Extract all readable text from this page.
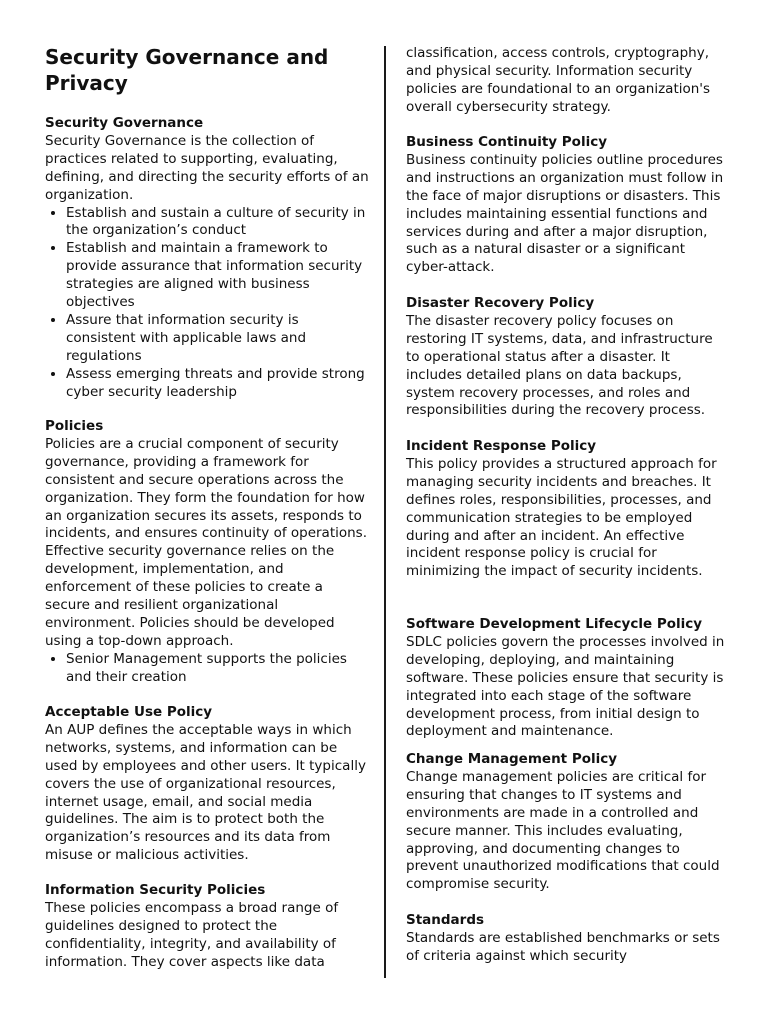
Security Governance and Privacy
Security Governance

Security Governance is the collection of practices related to supporting, evaluating, defining, and directing the security efforts of an organization.

• Establish and sustain a culture of security in the organization’s conduct
• Establish and maintain a framework to provide assurance that information security strategies are aligned with business objectives
• Assure that information security is consistent with applicable laws and regulations
• Assess emerging threats and provide strong cyber security leadership
Policies

Policies are a crucial component of security governance, providing a framework for consistent and secure operations across the organization. They form the foundation for how an organization secures its assets, responds to incidents, and ensures continuity of operations. Effective security governance relies on the development, implementation, and enforcement of these policies to create a secure and resilient organizational environment. Policies should be developed using a top-down approach.

• Senior Management supports the policies and their creation
Acceptable Use Policy

An AUP defines the acceptable ways in which networks, systems, and information can be used by employees and other users. It typically covers the use of organizational resources, internet usage, email, and social media guidelines. The aim is to protect both the organization’s resources and its data from misuse or malicious activities.

Information Security Policies

These policies encompass a broad range of guidelines designed to protect the confidentiality, integrity, and availability of information. They cover aspects like data

classification, access controls, cryptography, and physical security. Information security policies are foundational to an organization's overall cybersecurity strategy.

Business Continuity Policy

Business continuity policies outline procedures and instructions an organization must follow in the face of major disruptions or disasters. This includes maintaining essential functions and services during and after a major disruption, such as a natural disaster or a significant cyber-attack.

Disaster Recovery Policy

The disaster recovery policy focuses on restoring IT systems, data, and infrastructure to operational status after a disaster. It includes detailed plans on data backups, system recovery processes, and roles and responsibilities during the recovery process.

Incident Response Policy

This policy provides a structured approach for managing security incidents and breaches. It defines roles, responsibilities, processes, and communication strategies to be employed during and after an incident. An effective incident response policy is crucial for minimizing the impact of security incidents.

Software Development Lifecycle Policy

SDLC policies govern the processes involved in developing, deploying, and maintaining software. These policies ensure that security is integrated into each stage of the software development process, from initial design to deployment and maintenance.

Change Management Policy

Change management policies are critical for ensuring that changes to IT systems and environments are made in a controlled and secure manner. This includes evaluating, approving, and documenting changes to prevent unauthorized modifications that could compromise security.

Standards

Standards are established benchmarks or sets of criteria against which security
